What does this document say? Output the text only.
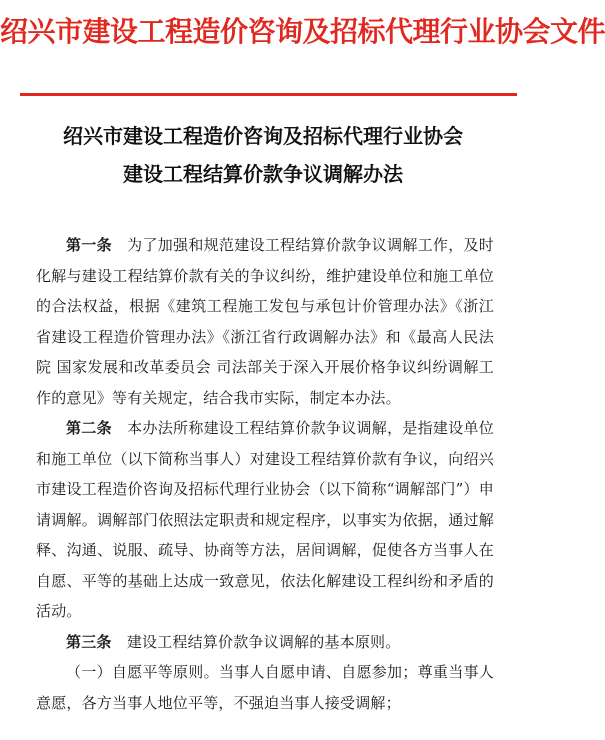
绍兴市建设工程造价咨询及招标代理行业协会文件
绍兴市建设工程造价咨询及招标代理行业协会
建设工程结算价款争议调解办法

第一条　 为了加强和规范建设工程结算价款争议调解工作，及时化解与建设工程结算价款有关的争议纠纷，维护建设单位和施工单位的合法权益，根据《建筑工程施工发包与承包计价管理办法》《浙江省建设工程造价管理办法》《浙江省行政调解办法》和《最高人民法院 国家发展和改革委员会 司法部关于深入开展价格争议纠纷调解工作的意见》等有关规定，结合我市实际，制定本办法。

第二条　 本办法所称建设工程结算价款争议调解，是指建设单位和施工单位（以下简称当事人）对建设工程结算价款有争议，向绍兴市建设工程造价咨询及招标代理行业协会（以下简称“调解部门”）申请调解。调解部门依照法定职责和规定程序，以事实为依据，通过解释、沟通、说服、疏导、协商等方法，居间调解，促使各方当事人在自愿、平等的基础上达成一致意见，依法化解建设工程纠纷和矛盾的活动。

第三条　 建设工程结算价款争议调解的基本原则。

（一）自愿平等原则。当事人自愿申请、自愿参加；尊重当事人意愿，各方当事人地位平等，不强迫当事人接受调解；
